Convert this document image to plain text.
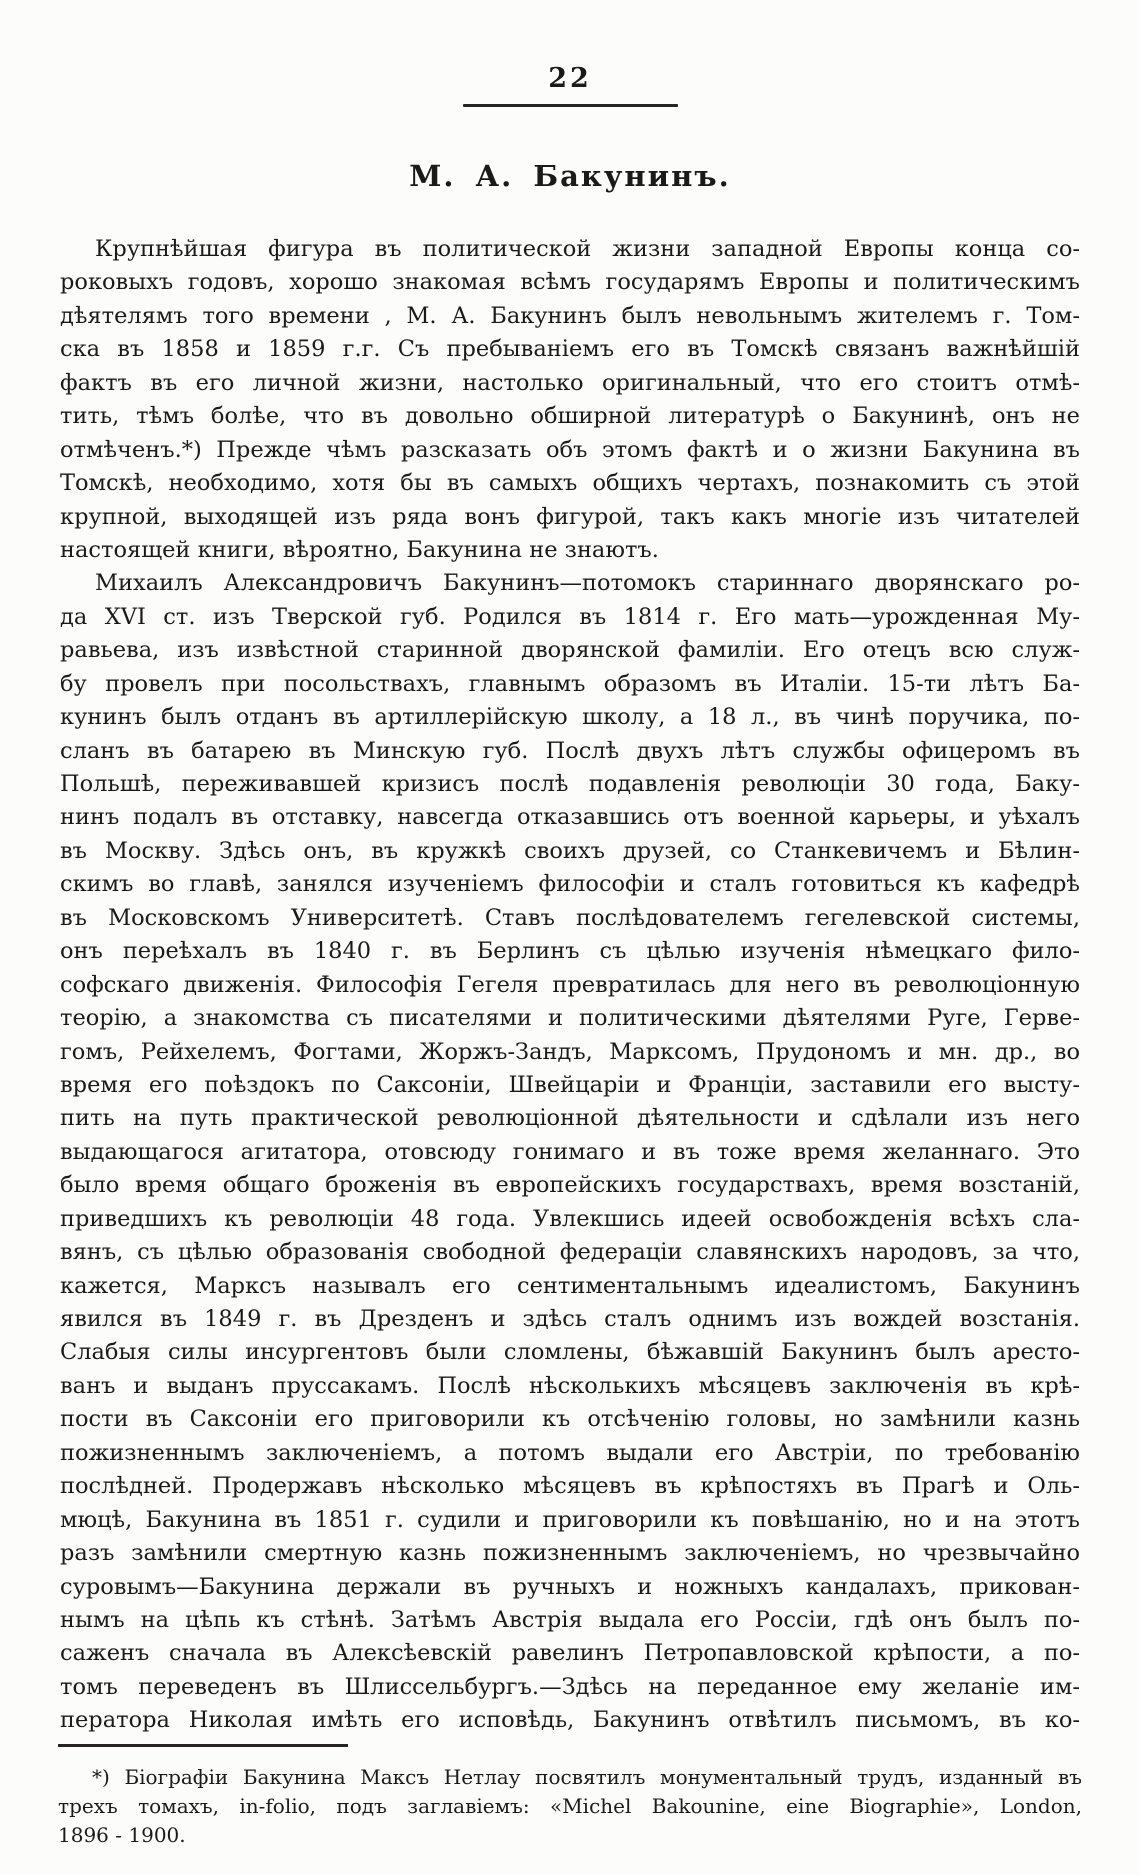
22
М. А. Бакунинъ.
Крупнѣйшая фигура въ политической жизни западной Европы конца со-
роковыхъ годовъ, хорошо знакомая всѣмъ государямъ Европы и политическимъ
дѣятелямъ того времени , М. А. Бакунинъ былъ невольнымъ жителемъ г. Том-
ска въ 1858 и 1859 г.г. Съ пребываніемъ его въ Томскѣ связанъ важнѣйшій
фактъ въ его личной жизни, настолько оригинальный, что его стоитъ отмѣ-
тить, тѣмъ болѣе, что въ довольно обширной литературѣ о Бакунинѣ, онъ не
отмѣченъ.*) Прежде чѣмъ разсказать объ этомъ фактѣ и о жизни Бакунина въ
Томскѣ, необходимо, хотя бы въ самыхъ общихъ чертахъ, познакомить съ этой
крупной, выходящей изъ ряда вонъ фигурой, такъ какъ многіе изъ читателей
настоящей книги, вѣроятно, Бакунина не знаютъ.
Михаилъ Александровичъ Бакунинъ—потомокъ стариннаго дворянскаго ро-
да XVI ст. изъ Тверской губ. Родился въ 1814 г. Его мать—урожденная Му-
равьева, изъ извѣстной старинной дворянской фамиліи. Его отецъ всю служ-
бу провелъ при посольствахъ, главнымъ образомъ въ Италіи. 15-ти лѣтъ Ба-
кунинъ былъ отданъ въ артиллерійскую школу, а 18 л., въ чинѣ поручика, по-
сланъ въ батарею въ Минскую губ. Послѣ двухъ лѣтъ службы офицеромъ въ
Польшѣ, переживавшей кризисъ послѣ подавленія революціи 30 года, Баку-
нинъ подалъ въ отставку, навсегда отказавшись отъ военной карьеры, и уѣхалъ
въ Москву. Здѣсь онъ, въ кружкѣ своихъ друзей, со Станкевичемъ и Бѣлин-
скимъ во главѣ, занялся изученіемъ философіи и сталъ готовиться къ кафедрѣ
въ Московскомъ Университетѣ. Ставъ послѣдователемъ гегелевской системы,
онъ переѣхалъ въ 1840 г. въ Берлинъ съ цѣлью изученія нѣмецкаго фило-
софскаго движенія. Философія Гегеля превратилась для него въ революціонную
теорію, а знакомства съ писателями и политическими дѣятелями Руге, Герве-
гомъ, Рейхелемъ, Фогтами, Жоржъ-Зандъ, Марксомъ, Прудономъ и мн. др., во
время его поѣздокъ по Саксоніи, Швейцаріи и Франціи, заставили его высту-
пить на путь практической революціонной дѣятельности и сдѣлали изъ него
выдающагося агитатора, отовсюду гонимаго и въ тоже время желаннаго. Это
было время общаго броженія въ европейскихъ государствахъ, время возстаній,
приведшихъ къ революціи 48 года. Увлекшись идеей освобожденія всѣхъ сла-
вянъ, съ цѣлью образованія свободной федераціи славянскихъ народовъ, за что,
кажется, Марксъ называлъ его сентиментальнымъ идеалистомъ, Бакунинъ
явился въ 1849 г. въ Дрезденъ и здѣсь сталъ однимъ изъ вождей возстанія.
Слабыя силы инсургентовъ были сломлены, бѣжавшій Бакунинъ былъ аресто-
ванъ и выданъ пруссакамъ. Послѣ нѣсколькихъ мѣсяцевъ заключенія въ крѣ-
пости въ Саксоніи его приговорили къ отсѣченію головы, но замѣнили казнь
пожизненнымъ заключеніемъ, а потомъ выдали его Австріи, по требованію
послѣдней. Продержавъ нѣсколько мѣсяцевъ въ крѣпостяхъ въ Прагѣ и Оль-
мюцѣ, Бакунина въ 1851 г. судили и приговорили къ повѣшанію, но и на этотъ
разъ замѣнили смертную казнь пожизненнымъ заключеніемъ, но чрезвычайно
суровымъ—Бакунина держали въ ручныхъ и ножныхъ кандалахъ, прикован-
нымъ на цѣпь къ стѣнѣ. Затѣмъ Австрія выдала его Россіи, гдѣ онъ былъ по-
саженъ сначала въ Алексѣевскій равелинъ Петропавловской крѣпости, а по-
томъ переведенъ въ Шлиссельбургъ.—Здѣсь на переданное ему желаніе им-
ператора Николая имѣть его исповѣдь, Бакунинъ отвѣтилъ письмомъ, въ ко-
*) Біографіи Бакунина Максъ Нетлау посвятилъ монументальный трудъ, изданный въ
трехъ томахъ, in-folio, подъ заглавіемъ: «Michel Bakounine, eine Biographie», London,
1896 - 1900.
